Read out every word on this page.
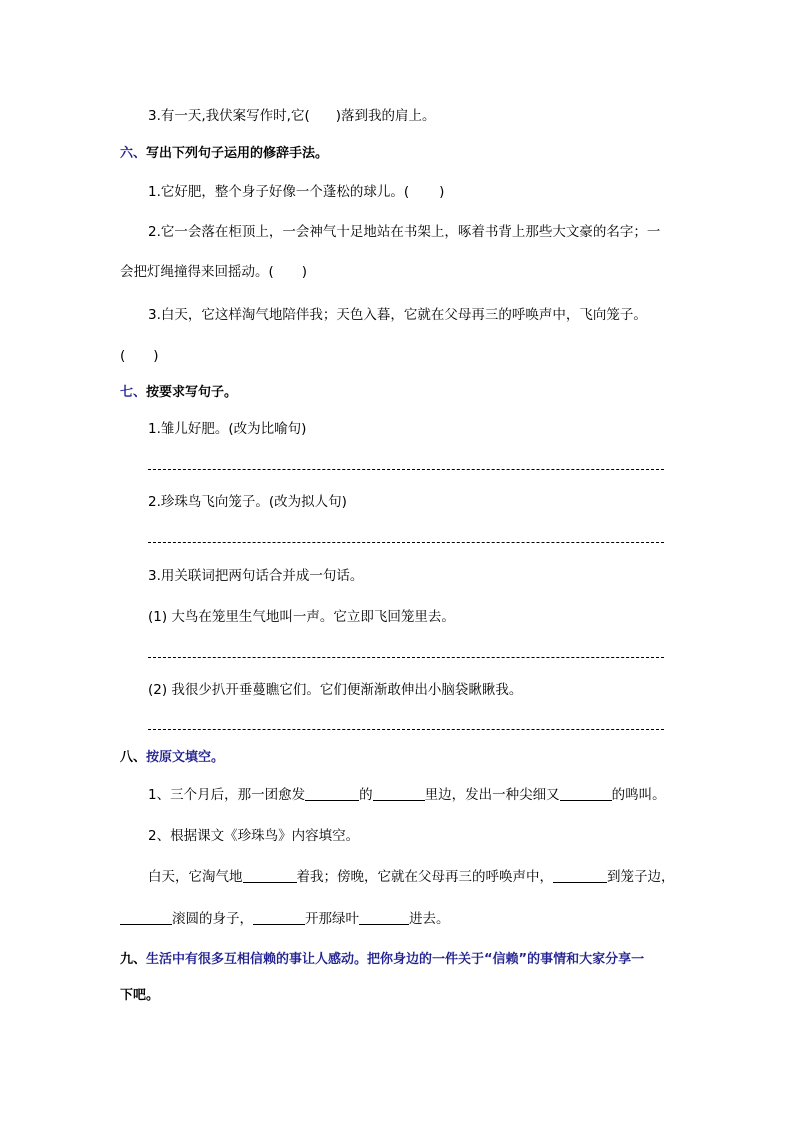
3.有一天,我伏案写作时,它( )落到我的肩上。
六、写出下列句子运用的修辞手法。
1.它好肥，整个身子好像一个蓬松的球儿。( )
2.它一会落在柜顶上，一会神气十足地站在书架上，啄着书背上那些大文豪的名字；一
会把灯绳撞得来回摇动。( )
3.白天，它这样淘气地陪伴我；天色入暮，它就在父母再三的呼唤声中，飞向笼子。
( )
七、按要求写句子。
1.雏儿好肥。(改为比喻句)
2.珍珠鸟飞向笼子。(改为拟人句)
3.用关联词把两句话合并成一句话。
(1) 大鸟在笼里生气地叫一声。它立即飞回笼里去。
(2) 我很少扒开垂蔓瞧它们。它们便渐渐敢伸出小脑袋瞅瞅我。
八、按原文填空。
1、三个月后，那一团愈发	的	里边，发出一种尖细又	的鸣叫。
2、根据课文《珍珠鸟》内容填空。
白天，它淘气地	着我；傍晚，它就在父母再三的呼唤声中，	到笼子边，
滚圆的身子，	开那绿叶	进去。
九、生活中有很多互相信赖的事让人感动。把你身边的一件关于“信赖”的事情和大家分享一
下吧。
